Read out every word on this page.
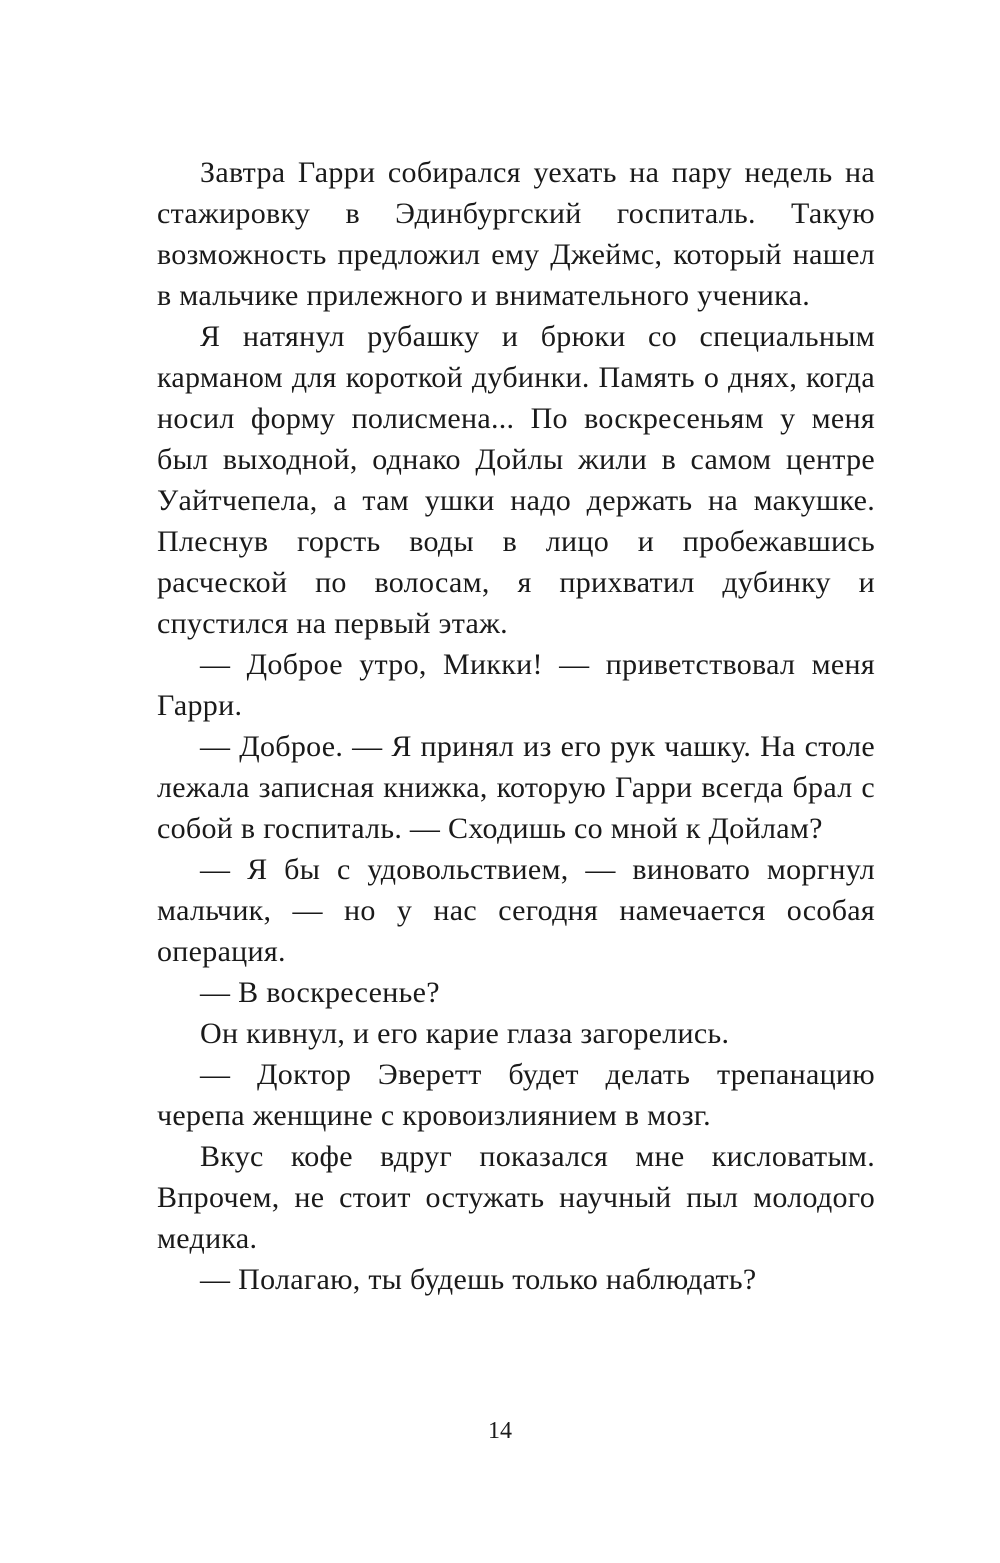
Завтра Гарри собирался уехать на пару недель на стажировку в Эдинбургский госпиталь. Такую возможность предложил ему Джеймс, который нашел в мальчике прилежного и внимательного ученика.

Я натянул рубашку и брюки со специальным карманом для короткой дубинки. Память о днях, когда носил форму полисмена... По воскресеньям у меня был выходной, однако Дойлы жили в самом центре Уайтчепела, а там ушки надо держать на макушке. Плеснув горсть воды в лицо и пробежавшись расческой по волосам, я прихватил дубинку и спустился на первый этаж.

— Доброе утро, Микки! — приветствовал меня Гарри.

— Доброе. — Я принял из его рук чашку. На столе лежала записная книжка, которую Гарри всегда брал с собой в госпиталь. — Сходишь со мной к Дойлам?

— Я бы с удовольствием, — виновато моргнул мальчик, — но у нас сегодня намечается особая операция.

— В воскресенье?

Он кивнул, и его карие глаза загорелись.

— Доктор Эверетт будет делать трепанацию черепа женщине с кровоизлиянием в мозг.

Вкус кофе вдруг показался мне кисловатым. Впрочем, не стоит остужать научный пыл молодого медика.

— Полагаю, ты будешь только наблюдать?

14
